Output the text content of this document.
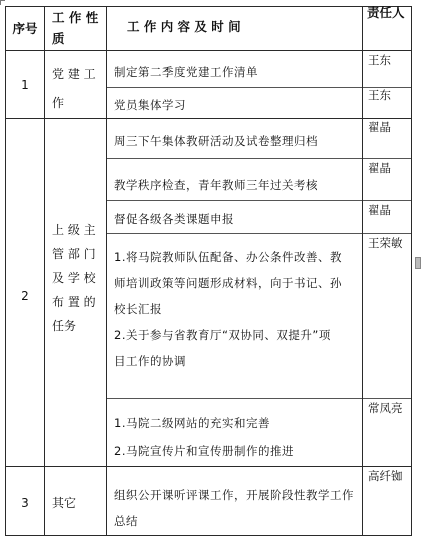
序号
工 作 性
质
工 作 内 容 及 时 间
责任人
1
党 建 工
作
制定第二季度党建工作清单
王东
党员集体学习
王东
2
上 级 主
管 部 门
及 学 校
布 置 的
任务
周三下午集体教研活动及试卷整理归档
翟晶
教学秩序检查，青年教师三年过关考核
翟晶
督促各级各类课题申报
翟晶
1.将马院教师队伍配备、办公条件改善、教
师培训政策等问题形成材料，向于书记、孙
校长汇报
2.关于参与省教育厅“双协同、双提升”项
目工作的协调
王荣敏
1.马院二级网站的充实和完善
2.马院宣传片和宣传册制作的推进
常凤亮
3	其它
组织公开课听评课工作，开展阶段性教学工作
总结
高纤铷
